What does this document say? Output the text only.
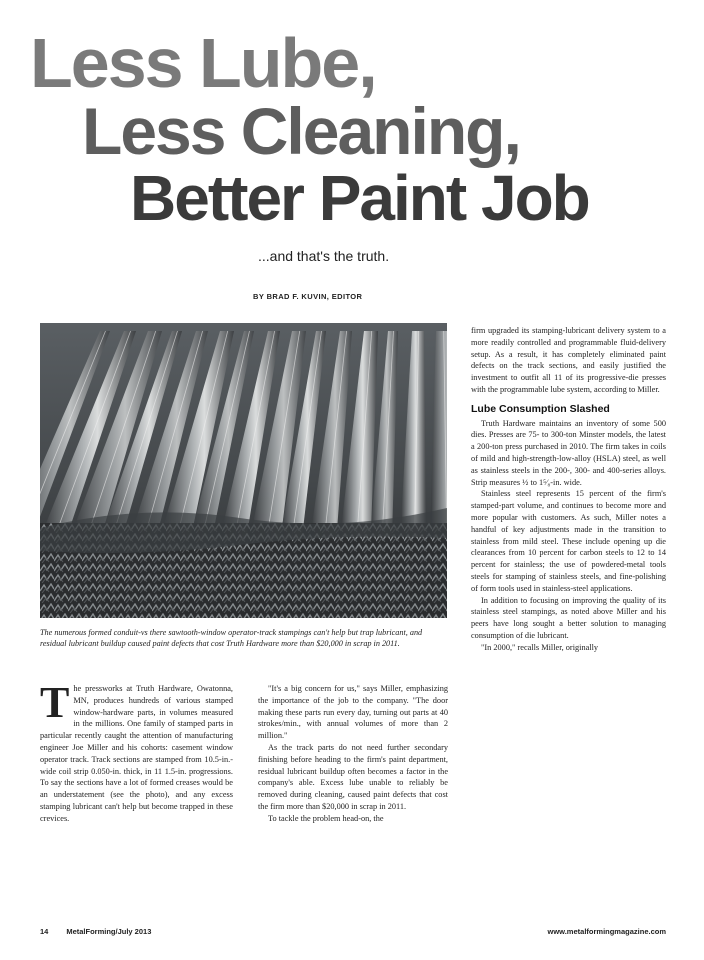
Less Lube,
Less Cleaning,
Better Paint Job
...and that's the truth.
BY BRAD F. KUVIN, EDITOR
The numerous formed conduit-vs there sawtooth-window operator-track stampings can't help but trap lubricant, and residual lubricant buildup caused paint defects that cost Truth Hardware more than $20,000 in scrap in 2011.

The pressworks at Truth Hardware, Owatonna, MN, produces hundreds of various stamped window-hardware parts, in volumes measured in the millions. One family of stamped parts in particular recently caught the attention of manufacturing engineer Joe Miller and his cohorts: casement window operator track. Track sections are stamped from 10.5-in.-wide coil strip 0.050-in. thick, in 11 1.5-in. progressions. To say the sections have a lot of formed creases would be an understatement (see the photo), and any excess stamping lubricant can't help but become trapped in these crevices.

"It's a big concern for us," says Miller, emphasizing the importance of the job to the company. "The door making these parts run every day, turning out parts at 40 strokes/min., with annual volumes of more than 2 million."

As the track parts do not need further secondary finishing before heading to the firm's paint department, residual lubricant buildup often becomes a factor in the company's able. Excess lube unable to reliably be removed during cleaning, caused paint defects that cost the firm more than $20,000 in scrap in 2011.

To tackle the problem head-on, the

firm upgraded its stamping-lubricant delivery system to a more readily controlled and programmable fluid-delivery setup. As a result, it has completely eliminated paint defects on the track sections, and easily justified the investment to outfit all 11 of its progressive-die presses with the programmable lube system, according to Miller.

Lube Consumption Slashed

Truth Hardware maintains an inventory of some 500 dies. Presses are 75- to 300-ton Minster models, the latest a 200-ton press purchased in 2010. The firm takes in coils of mild and high-strength-low-alloy (HSLA) steel, as well as stainless steels in the 200-, 300- and 400-series alloys. Strip measures ½ to 1⁵⁄₈-in. wide.

Stainless steel represents 15 percent of the firm's stamped-part volume, and continues to become more and more popular with customers. As such, Miller notes a handful of key adjustments made in the transition to stainless from mild steel. These include opening up die clearances from 10 percent for carbon steels to 12 to 14 percent for stainless; the use of powdered-metal tools steels for stamping of stainless steels, and fine-polishing of form tools used in stainless-steel applications.

In addition to focusing on improving the quality of its stainless steel stampings, as noted above Miller and his peers have long sought a better solution to managing consumption of die lubricant.

"In 2000," recalls Miller, originally

14 MetalForming/July 2013	www.metalformingmagazine.com
